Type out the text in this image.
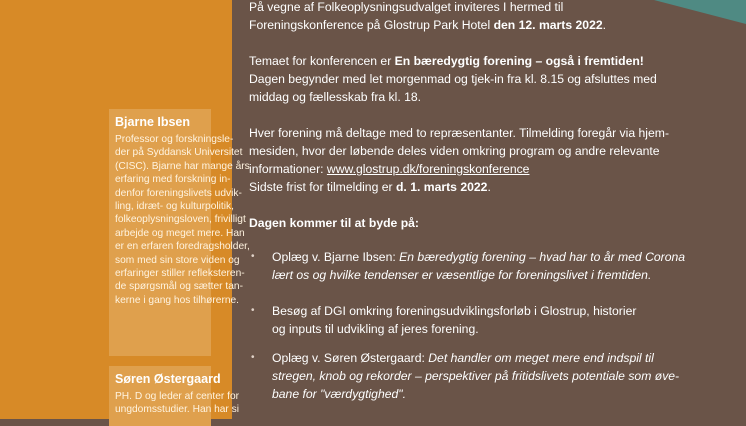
Bjarne Ibsen
Professor og forskningsle-
der på Syddansk Universitet
(CISC). Bjarne har mange års
erfaring med forskning in-
denfor foreningslivets udvik-
ling, idræt- og kulturpolitik,
folkeoplysningsloven, frivilligt
arbejde og meget mere. Han
er en erfaren foredragsholder,
som med sin store viden og
erfaringer stiller refleksteren-
de spørgsmål og sætter tan-
kerne i gang hos tilhørerne.
Søren Østergaard
PH. D og leder af center for
ungdomsstudier. Han har si

På vegne af Folkeoplysningsudvalget inviteres I hermed til
Foreningskonference på Glostrup Park Hotel den 12. marts 2022.

Temaet for konferencen er En bæredygtig forening – også i fremtiden!
Dagen begynder med let morgenmad og tjek-in fra kl. 8.15 og afsluttes med
middag og fællesskab fra kl. 18.

Hver forening må deltage med to repræsentanter. Tilmelding foregår via hjem-
mesiden, hvor der løbende deles viden omkring program og andre relevante
informationer: www.glostrup.dk/foreningskonference
Sidste frist for tilmelding er d. 1. marts 2022.

Dagen kommer til at byde på:

• Oplæg v. Bjarne Ibsen: En bæredygtig forening – hvad har to år med Corona
lært os og hvilke tendenser er væsentlige for foreningslivet i fremtiden.
• Besøg af DGI omkring foreningsudviklingsforløb i Glostrup, historier
og inputs til udvikling af jeres forening.
• Oplæg v. Søren Østergaard: Det handler om meget mere end indspil til
stregen, knob og rekorder – perspektiver på fritidslivets potentiale som øve-
bane for "værdygtighed".
